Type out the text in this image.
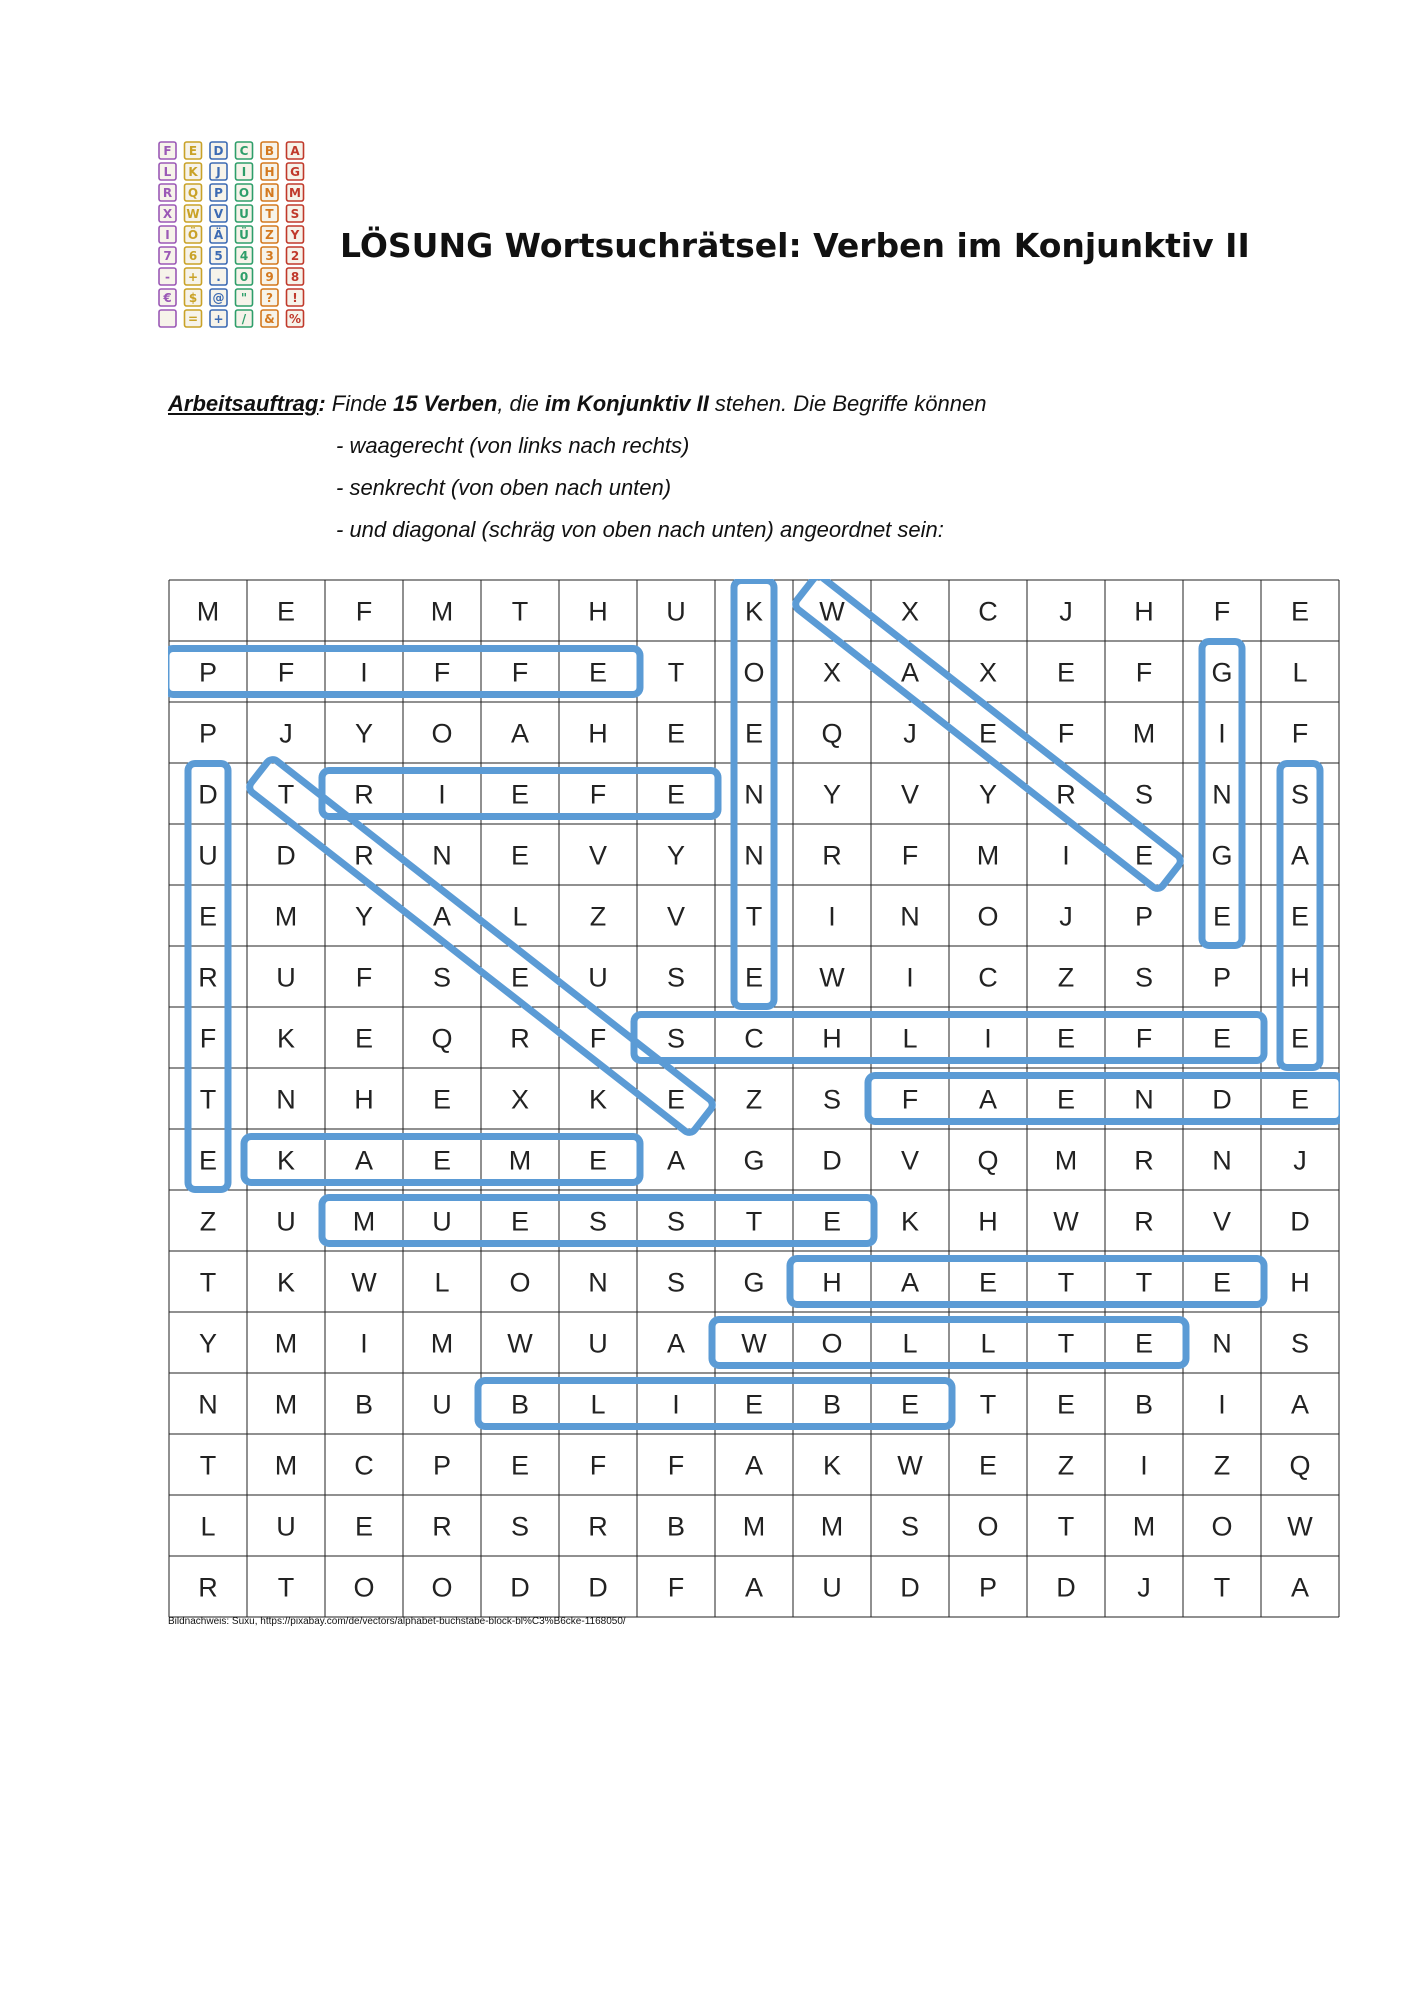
F E D C B A
L K J I H G
R Q P O N M
X W V U T S
I Ö Ä Ü Z Y
7 6 5 4 3 2
- + . 0 9 8
€ $ @ " ? !
= + / & %
LÖSUNG Wortsuchrätsel: Verben im Konjunktiv II
Arbeitsauftrag: Finde 15 Verben, die im Konjunktiv II stehen. Die Begriffe können
- waagerecht (von links nach rechts)
- senkrecht (von oben nach unten)
- und diagonal (schräg von oben nach unten) angeordnet sein:
M E F M T H U K W X C J H F E
P F I F F E T O X A X E F G L
P J Y O A H E E Q J E F M I F
D T R I E F E N Y V Y R S N S
U D R N E V Y N R F M I E G A
E M Y A L Z V T I N O J P E E
R U F S E U S E W I C Z S P H
F K E Q R F S C H L I E F E E
T N H E X K E Z S F A E N D E
E K A E M E A G D V Q M R N J
Z U M U E S S T E K H W R V D
T K W L O N S G H A E T T E H
Y M I M W U A W O L L T E N S
N M B U B L I E B E T E B I A
T M C P E F F A K W E Z I Z Q
L U E R S R B M M S O T M O W
R T O O D D F A U D P D J T A
Bildnachweis: Suxu, https://pixabay.com/de/vectors/alphabet-buchstabe-block-bl%C3%B6cke-1168050/
